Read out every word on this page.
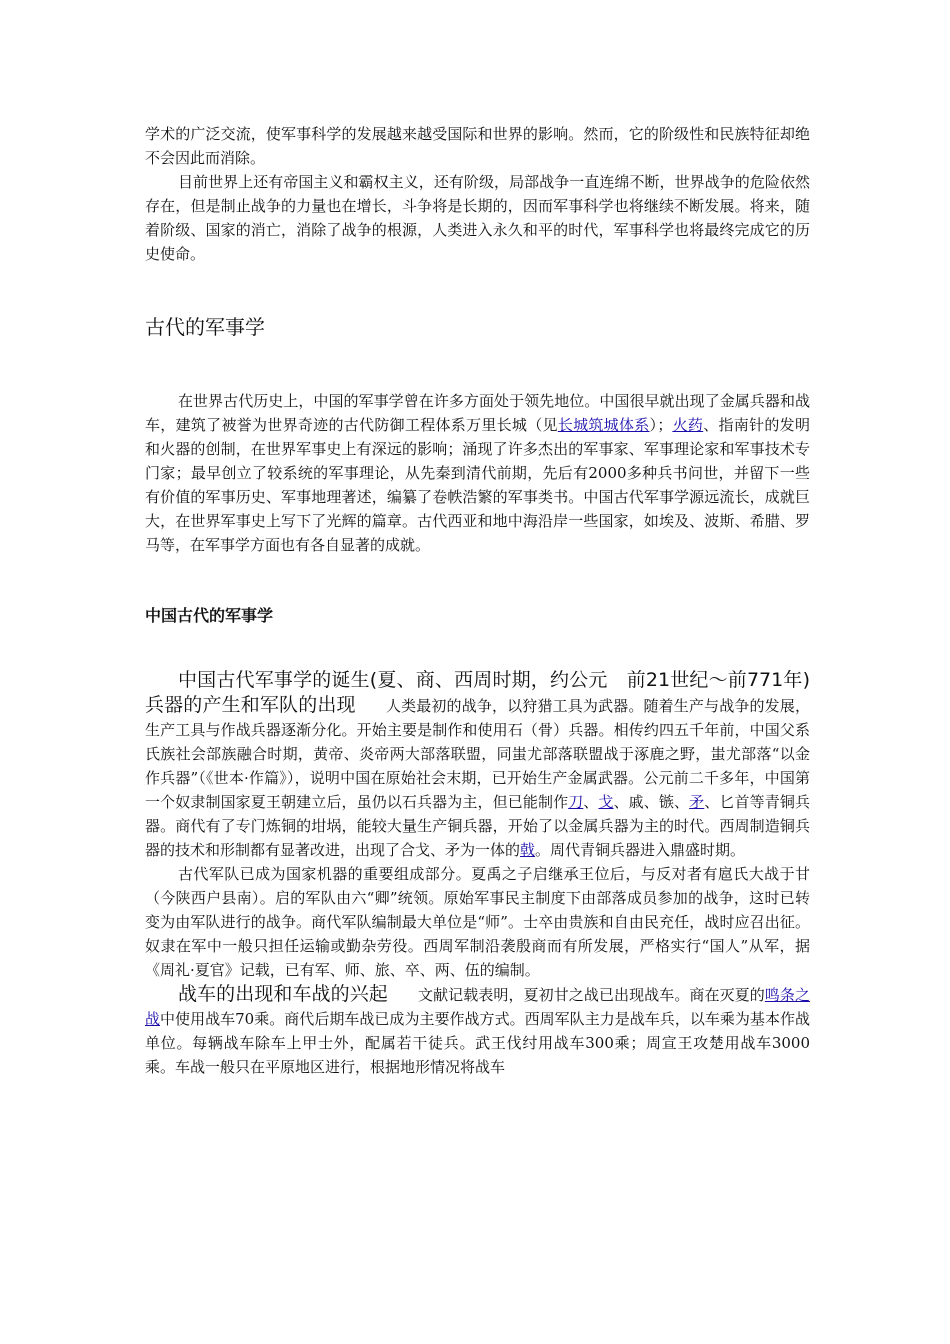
学术的广泛交流，使军事科学的发展越来越受国际和世界的影响。然而，它的阶级性和民族特征却绝不会因此而消除。

目前世界上还有帝国主义和霸权主义，还有阶级，局部战争一直连绵不断，世界战争的危险依然存在，但是制止战争的力量也在增长，斗争将是长期的，因而军事科学也将继续不断发展。将来，随着阶级、国家的消亡，消除了战争的根源，人类进入永久和平的时代，军事科学也将最终完成它的历史使命。

古代的军事学

在世界古代历史上，中国的军事学曾在许多方面处于领先地位。中国很早就出现了金属兵器和战车，建筑了被誉为世界奇迹的古代防御工程体系万里长城（见长城筑城体系）；火药、指南针的发明和火器的创制，在世界军事史上有深远的影响；涌现了许多杰出的军事家、军事理论家和军事技术专门家；最早创立了较系统的军事理论，从先秦到清代前期，先后有2000多种兵书问世，并留下一些有价值的军事历史、军事地理著述，编纂了卷帙浩繁的军事类书。中国古代军事学源远流长，成就巨大，在世界军事史上写下了光辉的篇章。古代西亚和地中海沿岸一些国家，如埃及、波斯、希腊、罗马等，在军事学方面也有各自显著的成就。

中国古代的军事学

中国古代军事学的诞生(夏、商、西周时期，约公元　前21世纪～前771年)　　　兵器的产生和军队的出现　　 人类最初的战争，以狩猎工具为武器。随着生产与战争的发展，生产工具与作战兵器逐渐分化。开始主要是制作和使用石（骨）兵器。相传约四五千年前，中国父系氏族社会部族融合时期，黄帝、炎帝两大部落联盟，同蚩尤部落联盟战于涿鹿之野，蚩尤部落“以金作兵器”（《世本·作篇》），说明中国在原始社会末期，已开始生产金属武器。公元前二千多年，中国第一个奴隶制国家夏王朝建立后，虽仍以石兵器为主，但已能制作刀、戈、戚、镞、矛、匕首等青铜兵器。商代有了专门炼铜的坩埚，能较大量生产铜兵器，开始了以金属兵器为主的时代。西周制造铜兵器的技术和形制都有显著改进，出现了合戈、矛为一体的戟。周代青铜兵器进入鼎盛时期。

古代军队已成为国家机器的重要组成部分。夏禹之子启继承王位后，与反对者有扈氏大战于甘（今陕西户县南）。启的军队由六“卿”统领。原始军事民主制度下由部落成员参加的战争，这时已转变为由军队进行的战争。商代军队编制最大单位是“师”。士卒由贵族和自由民充任，战时应召出征。奴隶在军中一般只担任运输或勤杂劳役。西周军制沿袭殷商而有所发展，严格实行“国人”从军，据《周礼·夏官》记载，已有军、师、旅、卒、两、伍的编制。

战车的出现和车战的兴起　　 文献记载表明，夏初甘之战已出现战车。商在灭夏的鸣条之战中使用战车70乘。商代后期车战已成为主要作战方式。西周军队主力是战车兵，以车乘为基本作战单位。每辆战车除车上甲士外，配属若干徒兵。武王伐纣用战车300乘；周宣王攻楚用战车3000乘。车战一般只在平原地区进行，根据地形情况将战车
